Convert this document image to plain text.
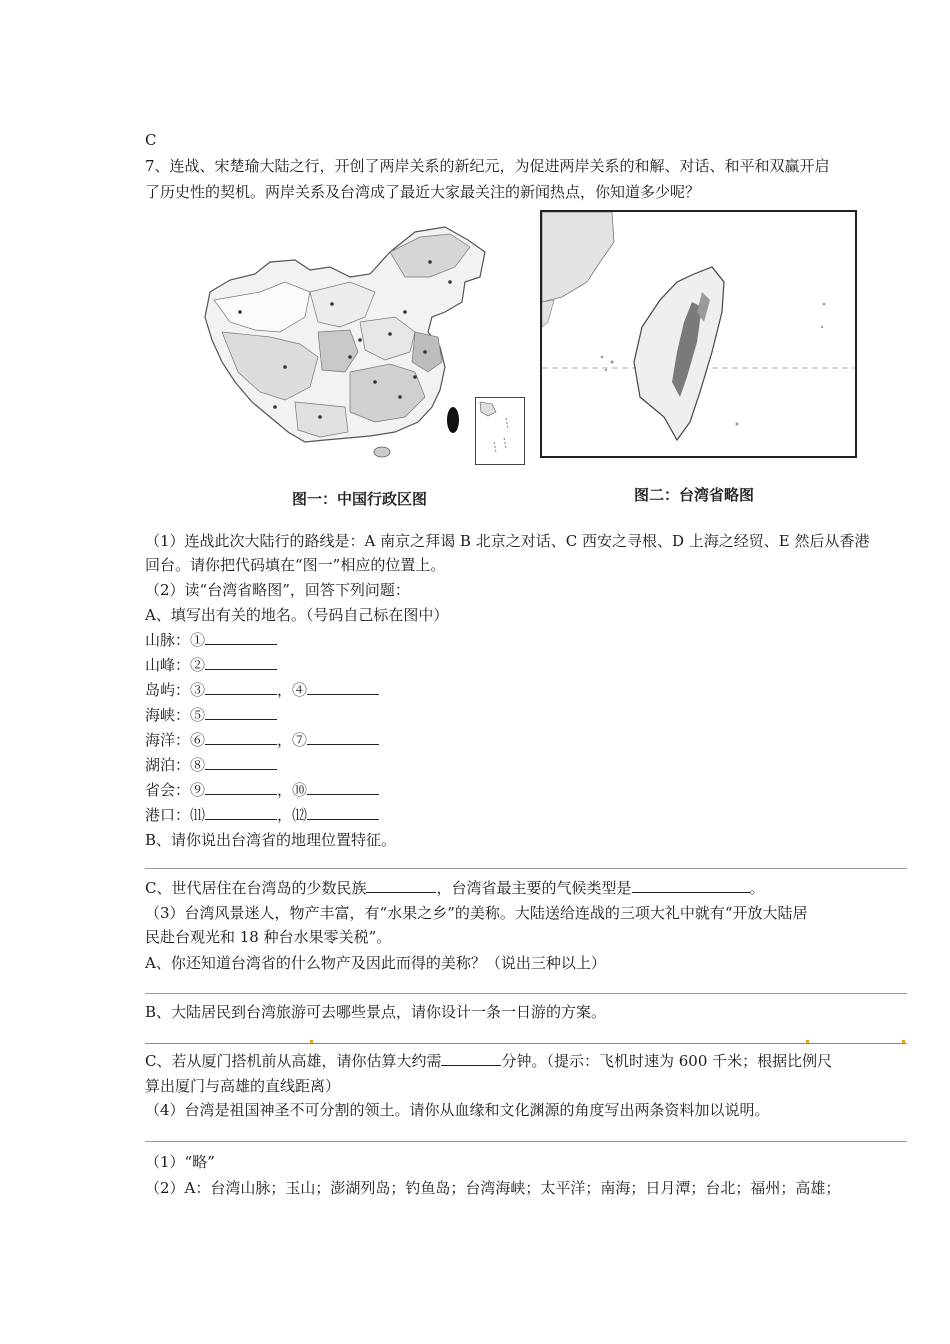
C
7、连战、宋楚瑜大陆之行，开创了两岸关系的新纪元，为促进两岸关系的和解、对话、和平和双赢开启
了历史性的契机。两岸关系及台湾成了最近大家最关注的新闻热点，你知道多少呢？
图一：中国行政区图	图二：台湾省略图
（1）连战此次大陆行的路线是：A 南京之拜谒 B 北京之对话、C 西安之寻根、D 上海之经贸、E 然后从香港
回台。请你把代码填在“图一”相应的位置上。
（2）读“台湾省略图”，回答下列问题：
A、填写出有关的地名。（号码自己标在图中）
山脉：①
山峰：②
岛屿：③	，④
海峡：⑤
海洋：⑥	，⑦
湖泊：⑧
省会：⑨	，⑩
港口：⑾	，⑿
B、请你说出台湾省的地理位置特征。
C、世代居住在台湾岛的少数民族	，台湾省最主要的气候类型是	。
（3）台湾风景迷人，物产丰富，有“水果之乡”的美称。大陆送给连战的三项大礼中就有“开放大陆居
民赴台观光和 18 种台水果零关税”。
A、你还知道台湾省的什么物产及因此而得的美称？（说出三种以上）
B、大陆居民到台湾旅游可去哪些景点，请你设计一条一日游的方案。
C、若从厦门搭机前从高雄，请你估算大约需	分钟。（提示：飞机时速为 600 千米；根据比例尺
算出厦门与高雄的直线距离）
（4）台湾是祖国神圣不可分割的领土。请你从血缘和文化渊源的角度写出两条资料加以说明。
（1）“略”
（2）A：台湾山脉；玉山；澎湖列岛；钓鱼岛；台湾海峡；太平洋；南海；日月潭；台北；福州；高雄；
